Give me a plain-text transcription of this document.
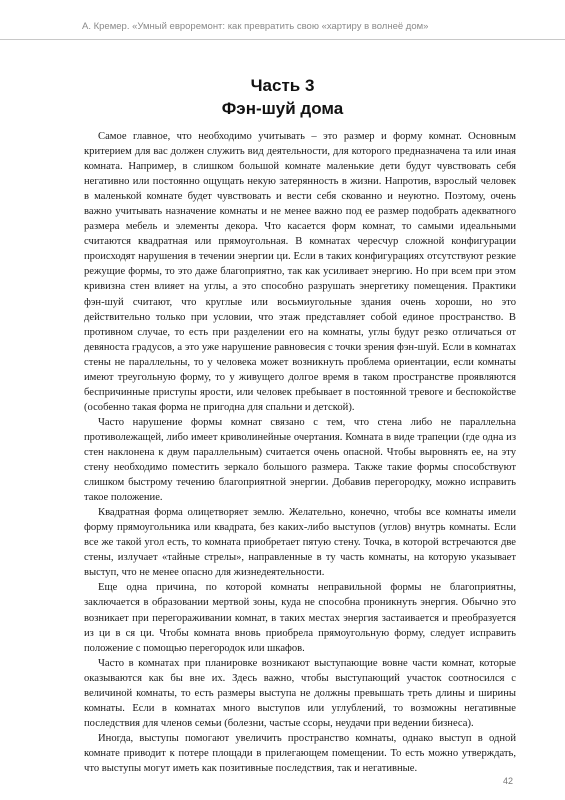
А. Кремер. «Умный евроремонт: как превратить свою «хартиру в волнеё дом»
Часть 3
Фэн-шуй дома

Самое главное, что необходимо учитывать – это размер и форму комнат. Основным критерием для вас должен служить вид деятельности, для которого предназначена та или иная комната. Например, в слишком большой комнате маленькие дети будут чувствовать себя негативно или постоянно ощущать некую затерянность в жизни. Напротив, взрослый человек в маленькой комнате будет чувствовать и вести себя скованно и неуютно. Поэтому, очень важно учитывать назначение комнаты и не менее важно под ее размер подобрать адекватного размера мебель и элементы декора. Что касается форм комнат, то самыми идеальными считаются квадратная или прямоугольная. В комнатах чересчур сложной конфигурации происходят нарушения в течении энергии ци. Если в таких конфигурациях отсутствуют резкие режущие формы, то это даже благоприятно, так как усиливает энергию. Но при всем при этом кривизна стен влияет на углы, а это способно разрушать энергетику помещения. Практики фэн-шуй считают, что круглые или восьмиугольные здания очень хороши, но это действительно только при условии, что этаж представляет собой единое пространство. В противном случае, то есть при разделении его на комнаты, углы будут резко отличаться от девяноста градусов, а это уже нарушение равновесия с точки зрения фэн-шуй. Если в комнатах стены не параллельны, то у человека может возникнуть проблема ориентации, если комнаты имеют треугольную форму, то у живущего долгое время в таком пространстве проявляются беспричинные приступы ярости, или человек пребывает в постоянной тревоге и беспокойстве (особенно такая форма не пригодна для спальни и детской).

Часто нарушение формы комнат связано с тем, что стена либо не параллельна противолежащей, либо имеет криволинейные очертания. Комната в виде трапеции (где одна из стен наклонена к двум параллельным) считается очень опасной. Чтобы выровнять ее, на эту стену необходимо поместить зеркало большого размера. Также такие формы способствуют слишком быстрому течению благоприятной энергии. Добавив перегородку, можно исправить такое положение.

Квадратная форма олицетворяет землю. Желательно, конечно, чтобы все комнаты имели форму прямоугольника или квадрата, без каких-либо выступов (углов) внутрь комнаты. Если все же такой угол есть, то комната приобретает пятую стену. Точка, в которой встречаются две стены, излучает «тайные стрелы», направленные в ту часть комнаты, на которую указывает выступ, что не менее опасно для жизнедеятельности.

Еще одна причина, по которой комнаты неправильной формы не благоприятны, заключается в образовании мертвой зоны, куда не способна проникнуть энергия. Обычно это возникает при перегораживании комнат, в таких местах энергия застаивается и преобразуется из ци в ся ци. Чтобы комната вновь приобрела прямоугольную форму, следует исправить положение с помощью перегородок или шкафов.

Часто в комнатах при планировке возникают выступающие вовне части комнат, которые оказываются как бы вне их. Здесь важно, чтобы выступающий участок соотносился с величиной комнаты, то есть размеры выступа не должны превышать треть длины и ширины комнаты. Если в комнатах много выступов или углублений, то возможны негативные последствия для членов семьи (болезни, частые ссоры, неудачи при ведении бизнеса).

Иногда, выступы помогают увеличить пространство комнаты, однако выступ в одной комнате приводит к потере площади в прилегающем помещении. То есть можно утверждать, что выступы могут иметь как позитивные последствия, так и негативные.

42
